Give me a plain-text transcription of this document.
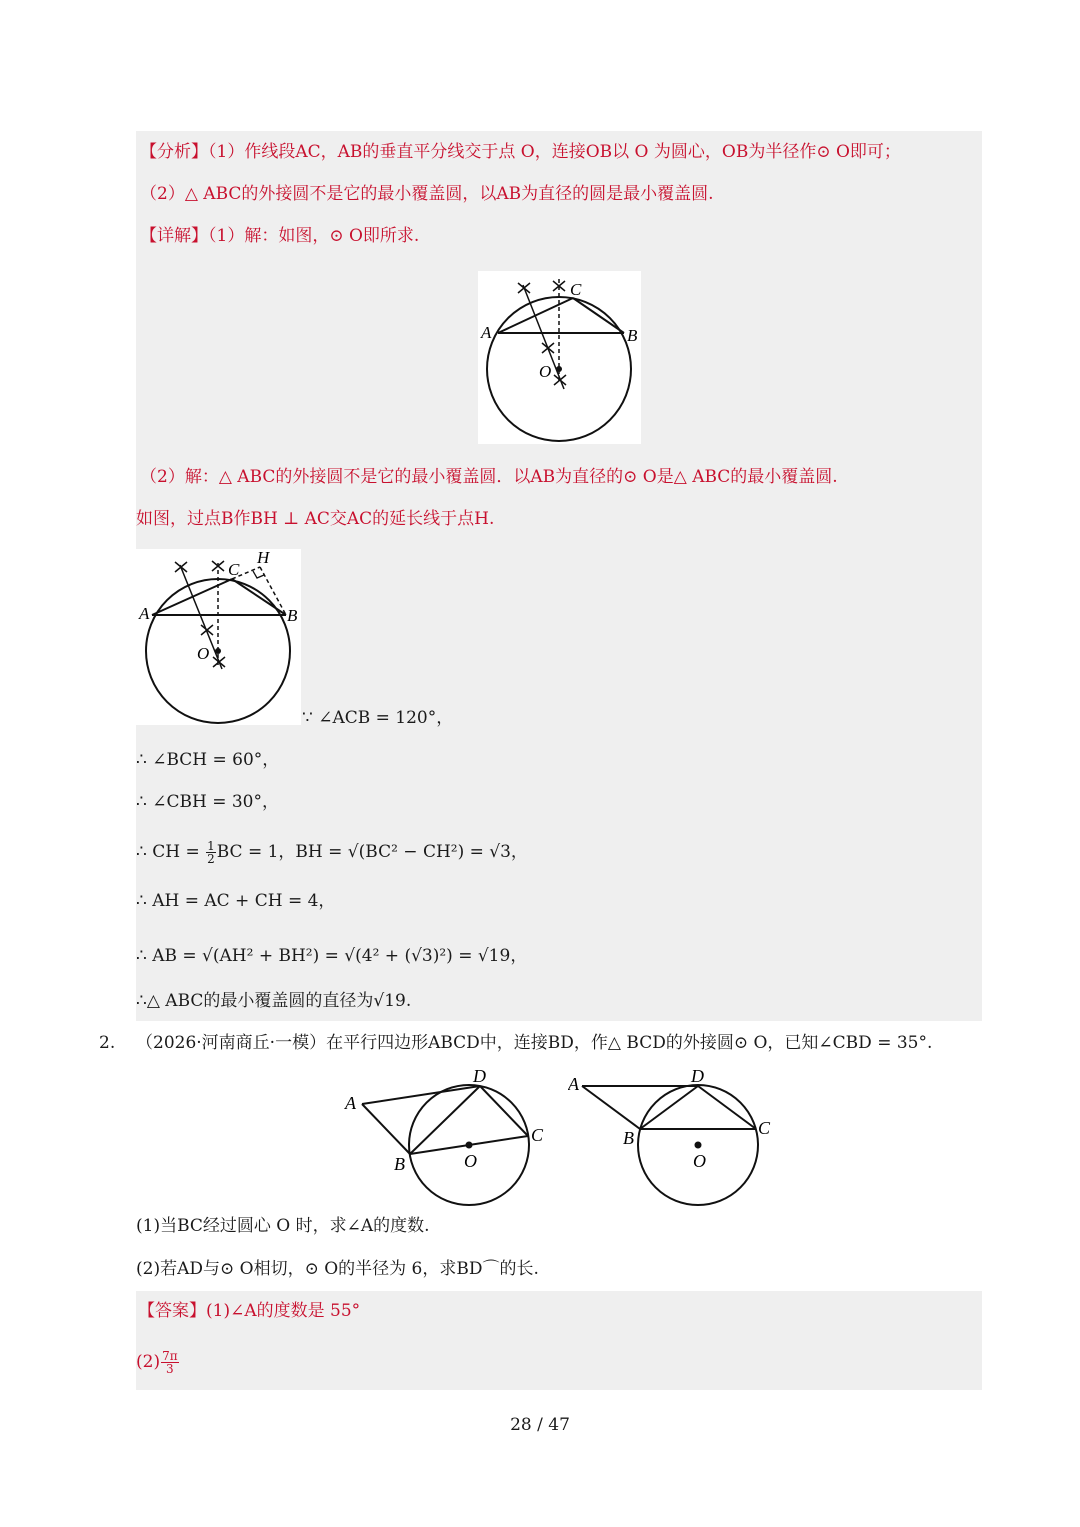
【分析】（1）作线段AC，AB的垂直平分线交于点 O，连接OB以 O 为圆心，OB为半径作⊙ O即可；
（2）△ ABC的外接圆不是它的最小覆盖圆，以AB为直径的圆是最小覆盖圆.
【详解】（1）解：如图，⊙ O即所求.
A	B
C
O
（2）解：△ ABC的外接圆不是它的最小覆盖圆．以AB为直径的⊙ O是△ ABC的最小覆盖圆.
如图，过点B作BH ⊥ AC交AC的延长线于点H.
A	B
C
H
O
∵ ∠ACB = 120°，
∴ ∠BCH = 60°，
∴ ∠CBH = 30°，
∴ CH = $\frac{1}{2}$ BC = 1，BH = √(BC² − CH²) = √3，
∴ AH = AC + CH = 4，
∴ AB = √(AH² + BH²) = √(4² + (√3)²) = √19，
∴△ ABC的最小覆盖圆的直径为√19.
2. （2026·河南商丘·一模）在平行四边形ABCD中，连接BD，作△ BCD的外接圆⊙ O，已知∠CBD = 35°.
A
D
C
B	O
A	D
C
B
O
(1)当BC经过圆心 O 时，求∠A的度数.
(2)若AD与⊙ O相切，⊙ O的半径为 6，求BD⌒的长.
【答案】(1)∠A的度数是 55°
$(2) \frac{7\pi}{3}$
28 / 47
